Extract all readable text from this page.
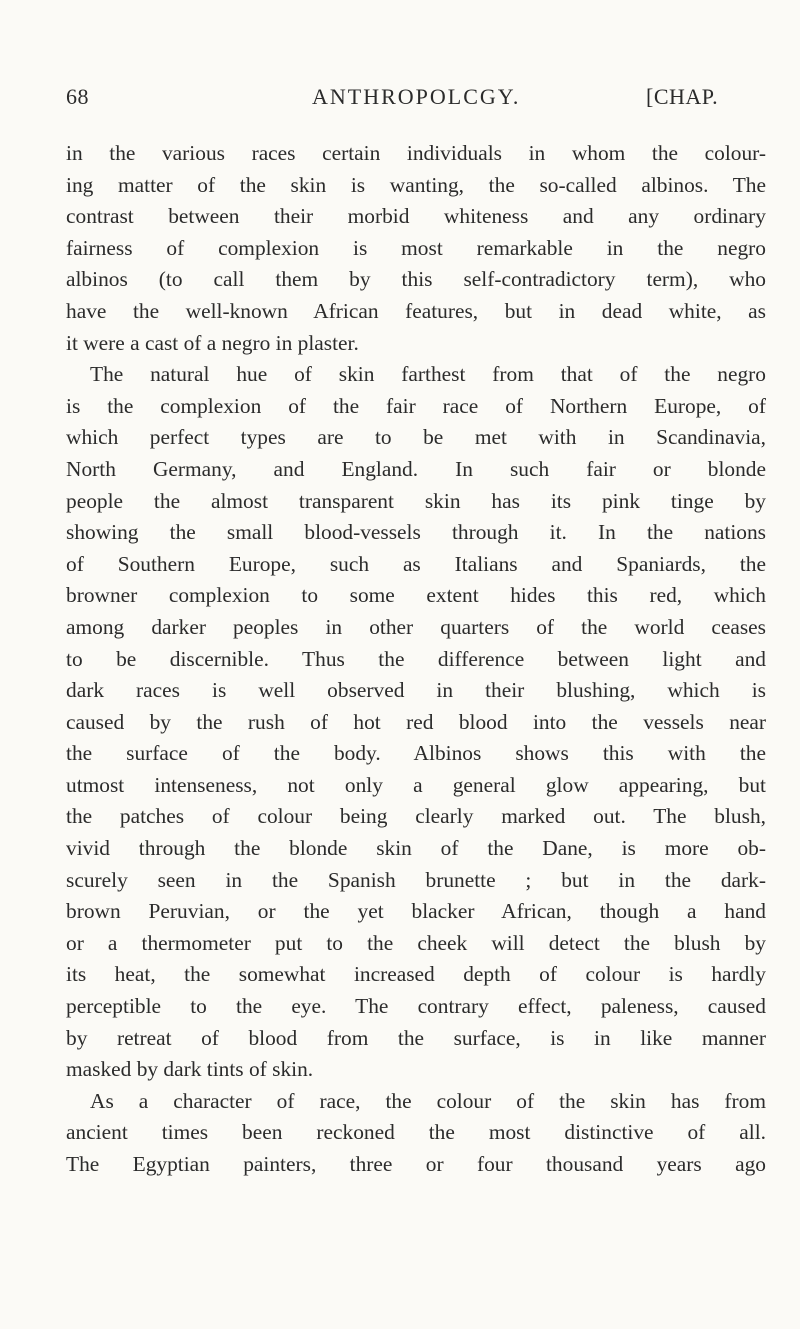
68	ANTHROPOLCGY.	[CHAP.
in the various races certain individuals in whom the colour-
ing matter of the skin is wanting, the so-called albinos. The
contrast between their morbid whiteness and any ordinary
fairness of complexion is most remarkable in the negro
albinos (to call them by this self-contradictory term), who
have the well-known African features, but in dead white, as
it were a cast of a negro in plaster.
The natural hue of skin farthest from that of the negro
is the complexion of the fair race of Northern Europe, of
which perfect types are to be met with in Scandinavia,
North Germany, and England. In such fair or blonde
people the almost transparent skin has its pink tinge by
showing the small blood-vessels through it. In the nations
of Southern Europe, such as Italians and Spaniards, the
browner complexion to some extent hides this red, which
among darker peoples in other quarters of the world ceases
to be discernible. Thus the difference between light and
dark races is well observed in their blushing, which is
caused by the rush of hot red blood into the vessels near
the surface of the body. Albinos shows this with the
utmost intenseness, not only a general glow appearing, but
the patches of colour being clearly marked out. The blush,
vivid through the blonde skin of the Dane, is more ob-
scurely seen in the Spanish brunette ; but in the dark-
brown Peruvian, or the yet blacker African, though a hand
or a thermometer put to the cheek will detect the blush by
its heat, the somewhat increased depth of colour is hardly
perceptible to the eye. The contrary effect, paleness, caused
by retreat of blood from the surface, is in like manner
masked by dark tints of skin.
As a character of race, the colour of the skin has from
ancient times been reckoned the most distinctive of all.
The Egyptian painters, three or four thousand years ago
